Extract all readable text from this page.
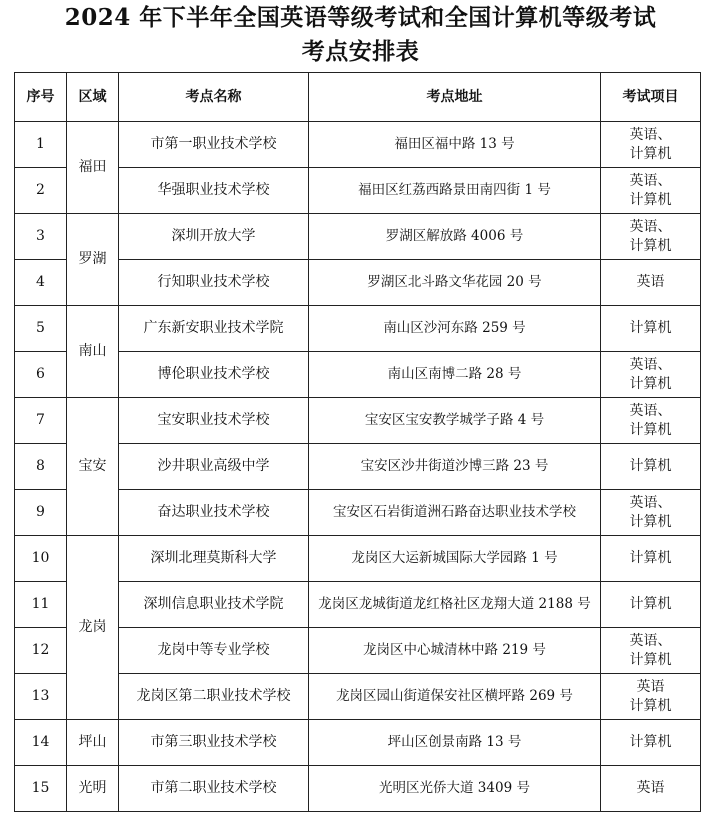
2024 年下半年全国英语等级考试和全国计算机等级考试
考点安排表
序号	区域	考点名称	考点地址	考试项目
1	福田	市第一职业技术学校	福田区福中路 13 号	英语、
计算机

2		华强职业技术学校	福田区红荔西路景田南四街 1 号	英语、
计算机

3	罗湖	深圳开放大学	罗湖区解放路 4006 号	英语、
计算机

4		行知职业技术学校	罗湖区北斗路文华花园 20 号	英语

5	南山	广东新安职业技术学院	南山区沙河东路 259 号	计算机

6		博伦职业技术学校	南山区南博二路 28 号	英语、
计算机

7	宝安	宝安职业技术学校	宝安区宝安教学城学子路 4 号	英语、
计算机

8		沙井职业高级中学	宝安区沙井街道沙博三路 23 号	计算机

9		奋达职业技术学校	宝安区石岩街道洲石路奋达职业技术学校	英语、
计算机

10	龙岗	深圳北理莫斯科大学	龙岗区大运新城国际大学园路 1 号	计算机

11		深圳信息职业技术学院	龙岗区龙城街道龙红格社区龙翔大道 2188 号	计算机

12		龙岗中等专业学校	龙岗区中心城清林中路 219 号	英语、
计算机

13		龙岗区第二职业技术学校	龙岗区园山街道保安社区横坪路 269 号	英语
计算机

14	坪山	市第三职业技术学校	坪山区创景南路 13 号	计算机

15	光明	市第二职业技术学校	光明区光侨大道 3409 号	英语
